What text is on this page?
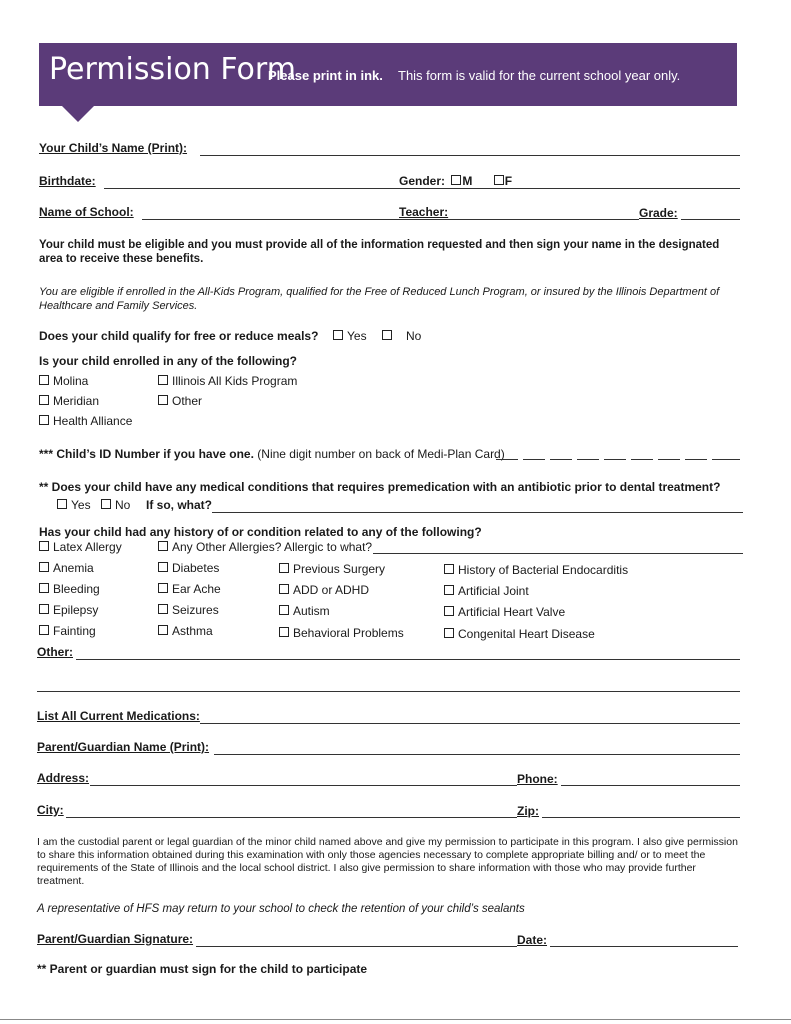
Permission Form
Please print in ink. This form is valid for the current school year only.
Your Child’s Name (Print):
Birthdate:	Gender: M	F
Name of School:	Teacher:	Grade:
Your child must be eligible and you must provide all of the information requested and then sign your name in the designated area to receive these benefits.
You are eligible if enrolled in the All-Kids Program, qualified for the Free of Reduced Lunch Program, or insured by the Illinois Department of Healthcare and Family Services.
Does your child qualify for free or reduce meals?	Yes	No
Is your child enrolled in any of the following?
Molina
Meridian
Health Alliance
Illinois All Kids Program
Other
*** Child’s ID Number if you have one. (Nine digit number on back of Medi-Plan Card)
** Does your child have any medical conditions that requires premedication with an antibiotic prior to dental treatment?
Yes	No If so, what?
Has your child had any history of or condition related to any of the following?
Latex Allergy	Any Other Allergies? Allergic to what?
Anemia
Bleeding
Epilepsy
Fainting
Diabetes
Ear Ache
Seizures
Asthma
Previous Surgery
ADD or ADHD
Autism
Behavioral Problems
History of Bacterial Endocarditis
Artificial Joint
Artificial Heart Valve
Congenital Heart Disease
Other:
List All Current Medications:
Parent/Guardian Name (Print):
Address:	Phone:
City:	Zip:
I am the custodial parent or legal guardian of the minor child named above and give my permission to participate in this program. I also give permission to share this information obtained during this examination with only those agencies necessary to complete appropriate billing and/ or to meet the requirements of the State of Illinois and the local school district. I also give permission to share information with those who may provide further treatment.
A representative of HFS may return to your school to check the retention of your child’s sealants
Parent/Guardian Signature:	Date:
** Parent or guardian must sign for the child to participate
